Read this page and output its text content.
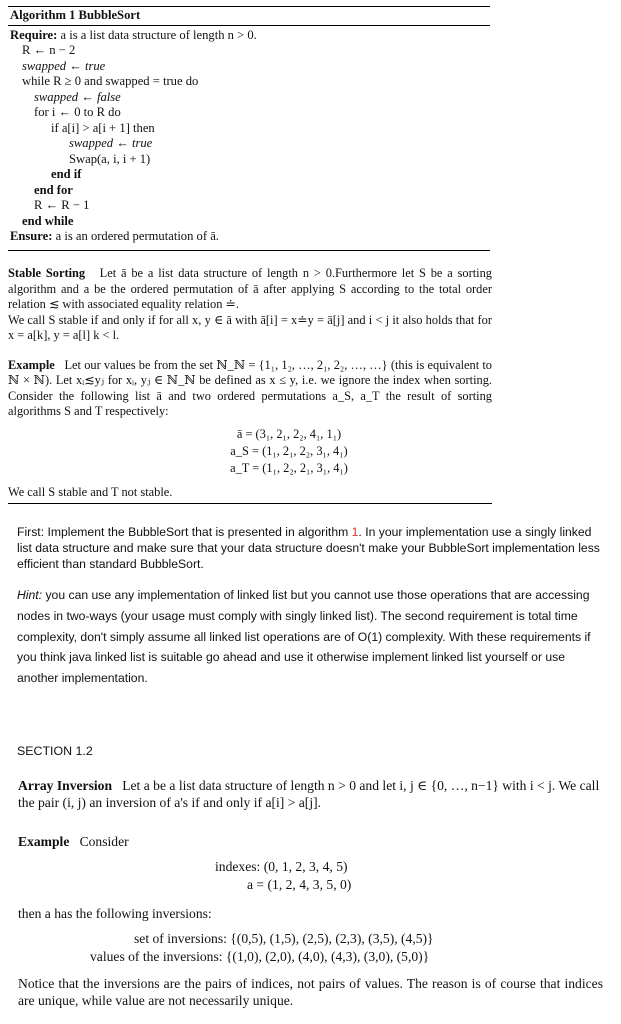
Algorithm 1 BubbleSort
Require: a is a list data structure of length n > 0.
R ← n − 2
swapped ← true
while R ≥ 0 and swapped = true do
swapped ← false
for i ← 0 to R do
if a[i] > a[i + 1] then
swapped ← true
Swap(a, i, i + 1)
end if
end for
R ← R − 1
end while
Ensure: a is an ordered permutation of ā.

Stable Sorting Let ā be a list data structure of length n > 0.Furthermore let S be a sorting algorithm and a be the ordered permutation of ā after applying S according to the total order relation ≲ with associated equality relation ≐.

We call S stable if and only if for all x, y ∈ ā with ā[i] = x≐y = ā[j] and i < j it also holds that for x = a[k], y = a[l] k < l.

Example Let our values be from the set ℕ_ℕ = {1₁, 1₂, …, 2₁, 2₂, …, …} (this is equivalent to ℕ × ℕ). Let xᵢ≲yⱼ for xᵢ, yⱼ ∈ ℕ_ℕ be defined as x ≤ y, i.e. we ignore the index when sorting. Consider the following list ā and two ordered permutations a_S, a_T the result of sorting algorithms S and T respectively:

ā = (3₁, 2₁, 2₂, 4₁, 1₁)
a_S = (1₁, 2₁, 2₂, 3₁, 4₁)
a_T = (1₁, 2₂, 2₁, 3₁, 4₁)

We call S stable and T not stable.

First: Implement the BubbleSort that is presented in algorithm 1. In your implementation use a singly linked list data structure and make sure that your data structure doesn't make your BubbleSort implementation less efficient than standard BubbleSort.

Hint: you can use any implementation of linked list but you cannot use those operations that are accessing nodes in two-ways (your usage must comply with singly linked list). The second requirement is total time complexity, don't simply assume all linked list operations are of O(1) complexity. With these requirements if you think java linked list is suitable go ahead and use it otherwise implement linked list yourself or use another implementation.

SECTION 1.2

Array Inversion Let a be a list data structure of length n > 0 and let i, j ∈ {0, …, n−1} with i < j. We call the pair (i, j) an inversion of a's if and only if a[i] > a[j].

Example Consider

indexes: (0, 1, 2, 3, 4, 5)
a = (1, 2, 4, 3, 5, 0)

then a has the following inversions:

set of inversions: {(0,5), (1,5), (2,5), (2,3), (3,5), (4,5)}
values of the inversions: {(1,0), (2,0), (4,0), (4,3), (3,0), (5,0)}

Notice that the inversions are the pairs of indices, not pairs of values. The reason is of course that indices are unique, while value are not necessarily unique.
